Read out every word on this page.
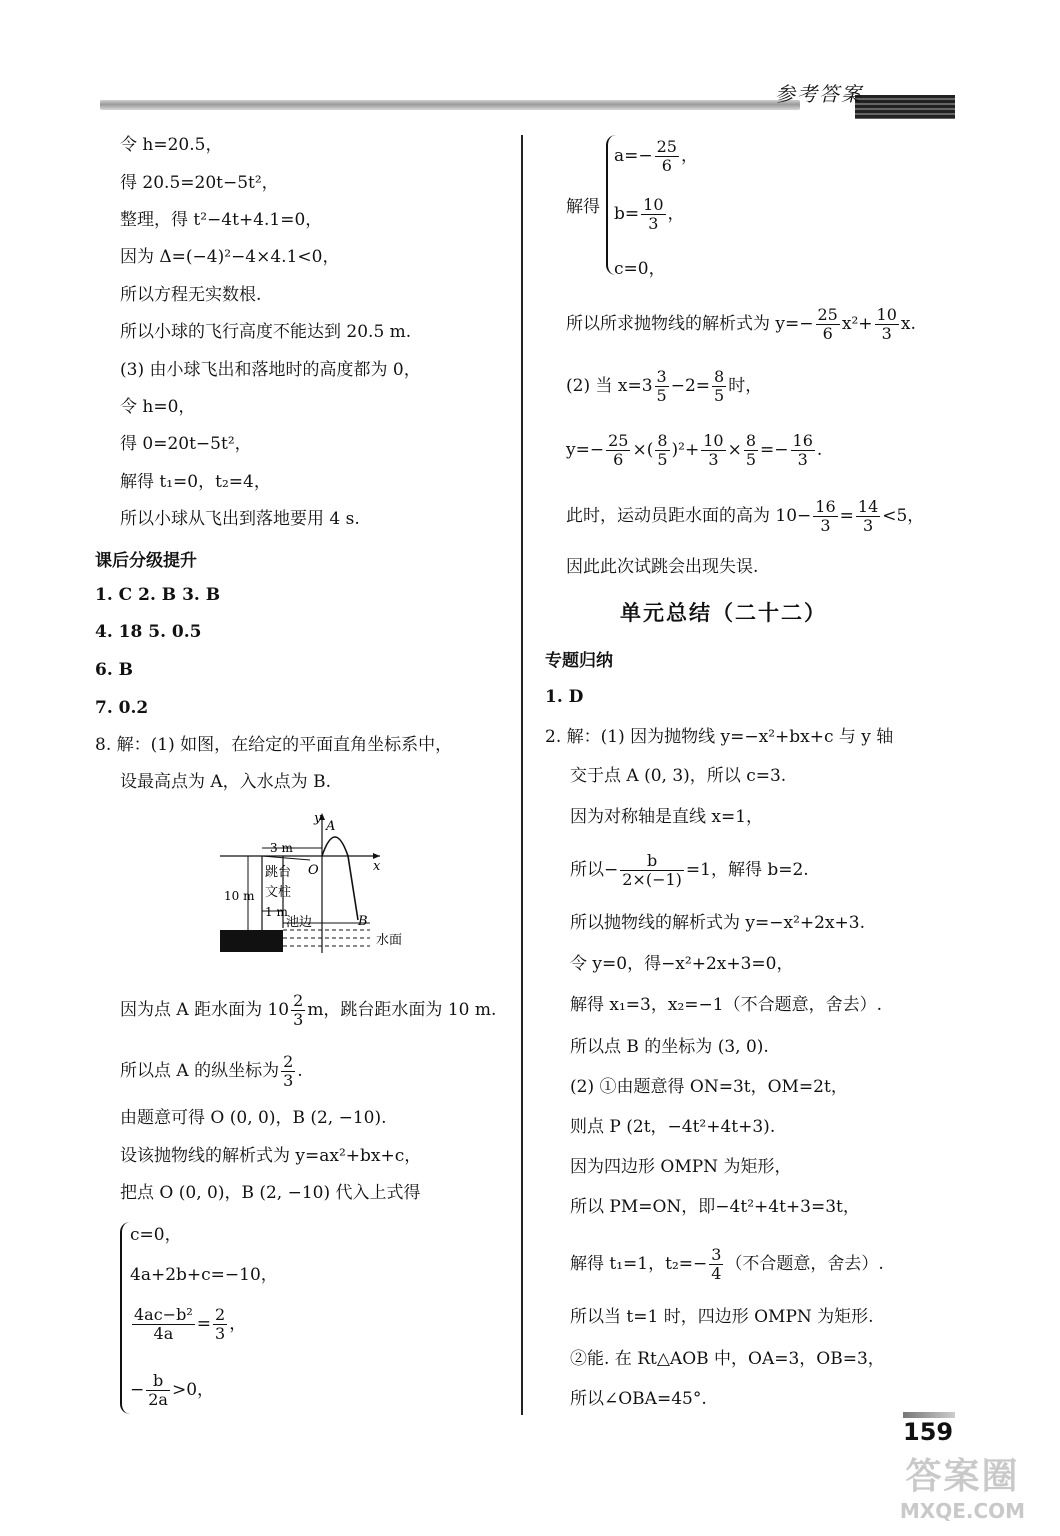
参考答案
令 h=20.5，
得 20.5=20t−5t²，
整理，得 t²−4t+4.1=0，
因为 Δ=(−4)²−4×4.1<0，
所以方程无实数根.
所以小球的飞行高度不能达到 20.5 m.
(3) 由小球飞出和落地时的高度都为 0，
令 h=0，
得 0=20t−5t²，
解得 t₁=0，t₂=4，
所以小球从飞出到落地要用 4 s.
课后分级提升
1. C 2. B 3. B
4. 18 5. 0.5
6. B
7. 0.2
8. 解：(1) 如图，在给定的平面直角坐标系中，
设最高点为 A，入水点为 B.
y
x
A
O
B
3 m
10 m
跳台
文柱
1 m
池边
水面
因为点 A 距水面为 $10 \frac{2}{3}$ m，跳台距水面为 10 m.
所以点 A 的纵坐标为 $\frac{2}{3}$ .
由题意可得 O (0, 0)，B (2, −10).
设该抛物线的解析式为 y=ax²+bx+c，
把点 O (0, 0)，B (2, −10) 代入上式得
c=0，
4a+2b+c=−10，
$\frac{\text{4ac−b²}}{4a} = \frac{2}{3}$ ，
− $\frac{b}{2a} >0$，
解得
$a=- \frac{25}{6}$ ，
$b= \frac{10}{3}$ ，
c=0，
所以所求抛物线的解析式为 $y=- \frac{25}{6} x^2+ \frac{10}{3} x$.
(2) 当 $x=3 \frac{3}{5} -2= \frac{8}{5}$ 时，
$y=- \frac{25}{6}$ ×( $\frac{8}{5} )^2+ \frac{10}{3} \times \frac{8}{5} =- \frac{16}{3}$ .
此时，运动员距水面的高为 $10- \frac{16}{3} = \frac{14}{3} <5$，
因此此次试跳会出现失误.
单元总结（二十二）
专题归纳
1. D
2. 解：(1) 因为抛物线 y=−x²+bx+c 与 y 轴
交于点 A (0, 3)，所以 c=3.
因为对称轴是直线 x=1，
所以− $\frac{b}{2\times(-1)} =1$，解得 b=2.
所以抛物线的解析式为 y=−x²+2x+3.
令 y=0，得−x²+2x+3=0，
解得 x₁=3，x₂=−1（不合题意，舍去）.
所以点 B 的坐标为 (3, 0).
(2) ①由题意得 ON=3t，OM=2t，
则点 P (2t，−4t²+4t+3).
因为四边形 OMPN 为矩形，
所以 PM=ON，即−4t²+4t+3=3t，
解得 t₁=1，$t_2=- \frac{3}{4}$ （不合题意，舍去）.
所以当 t=1 时，四边形 OMPN 为矩形.
②能. 在 Rt△AOB 中，OA=3，OB=3，
所以∠OBA=45°.
159
答案圈
MXQE.COM
